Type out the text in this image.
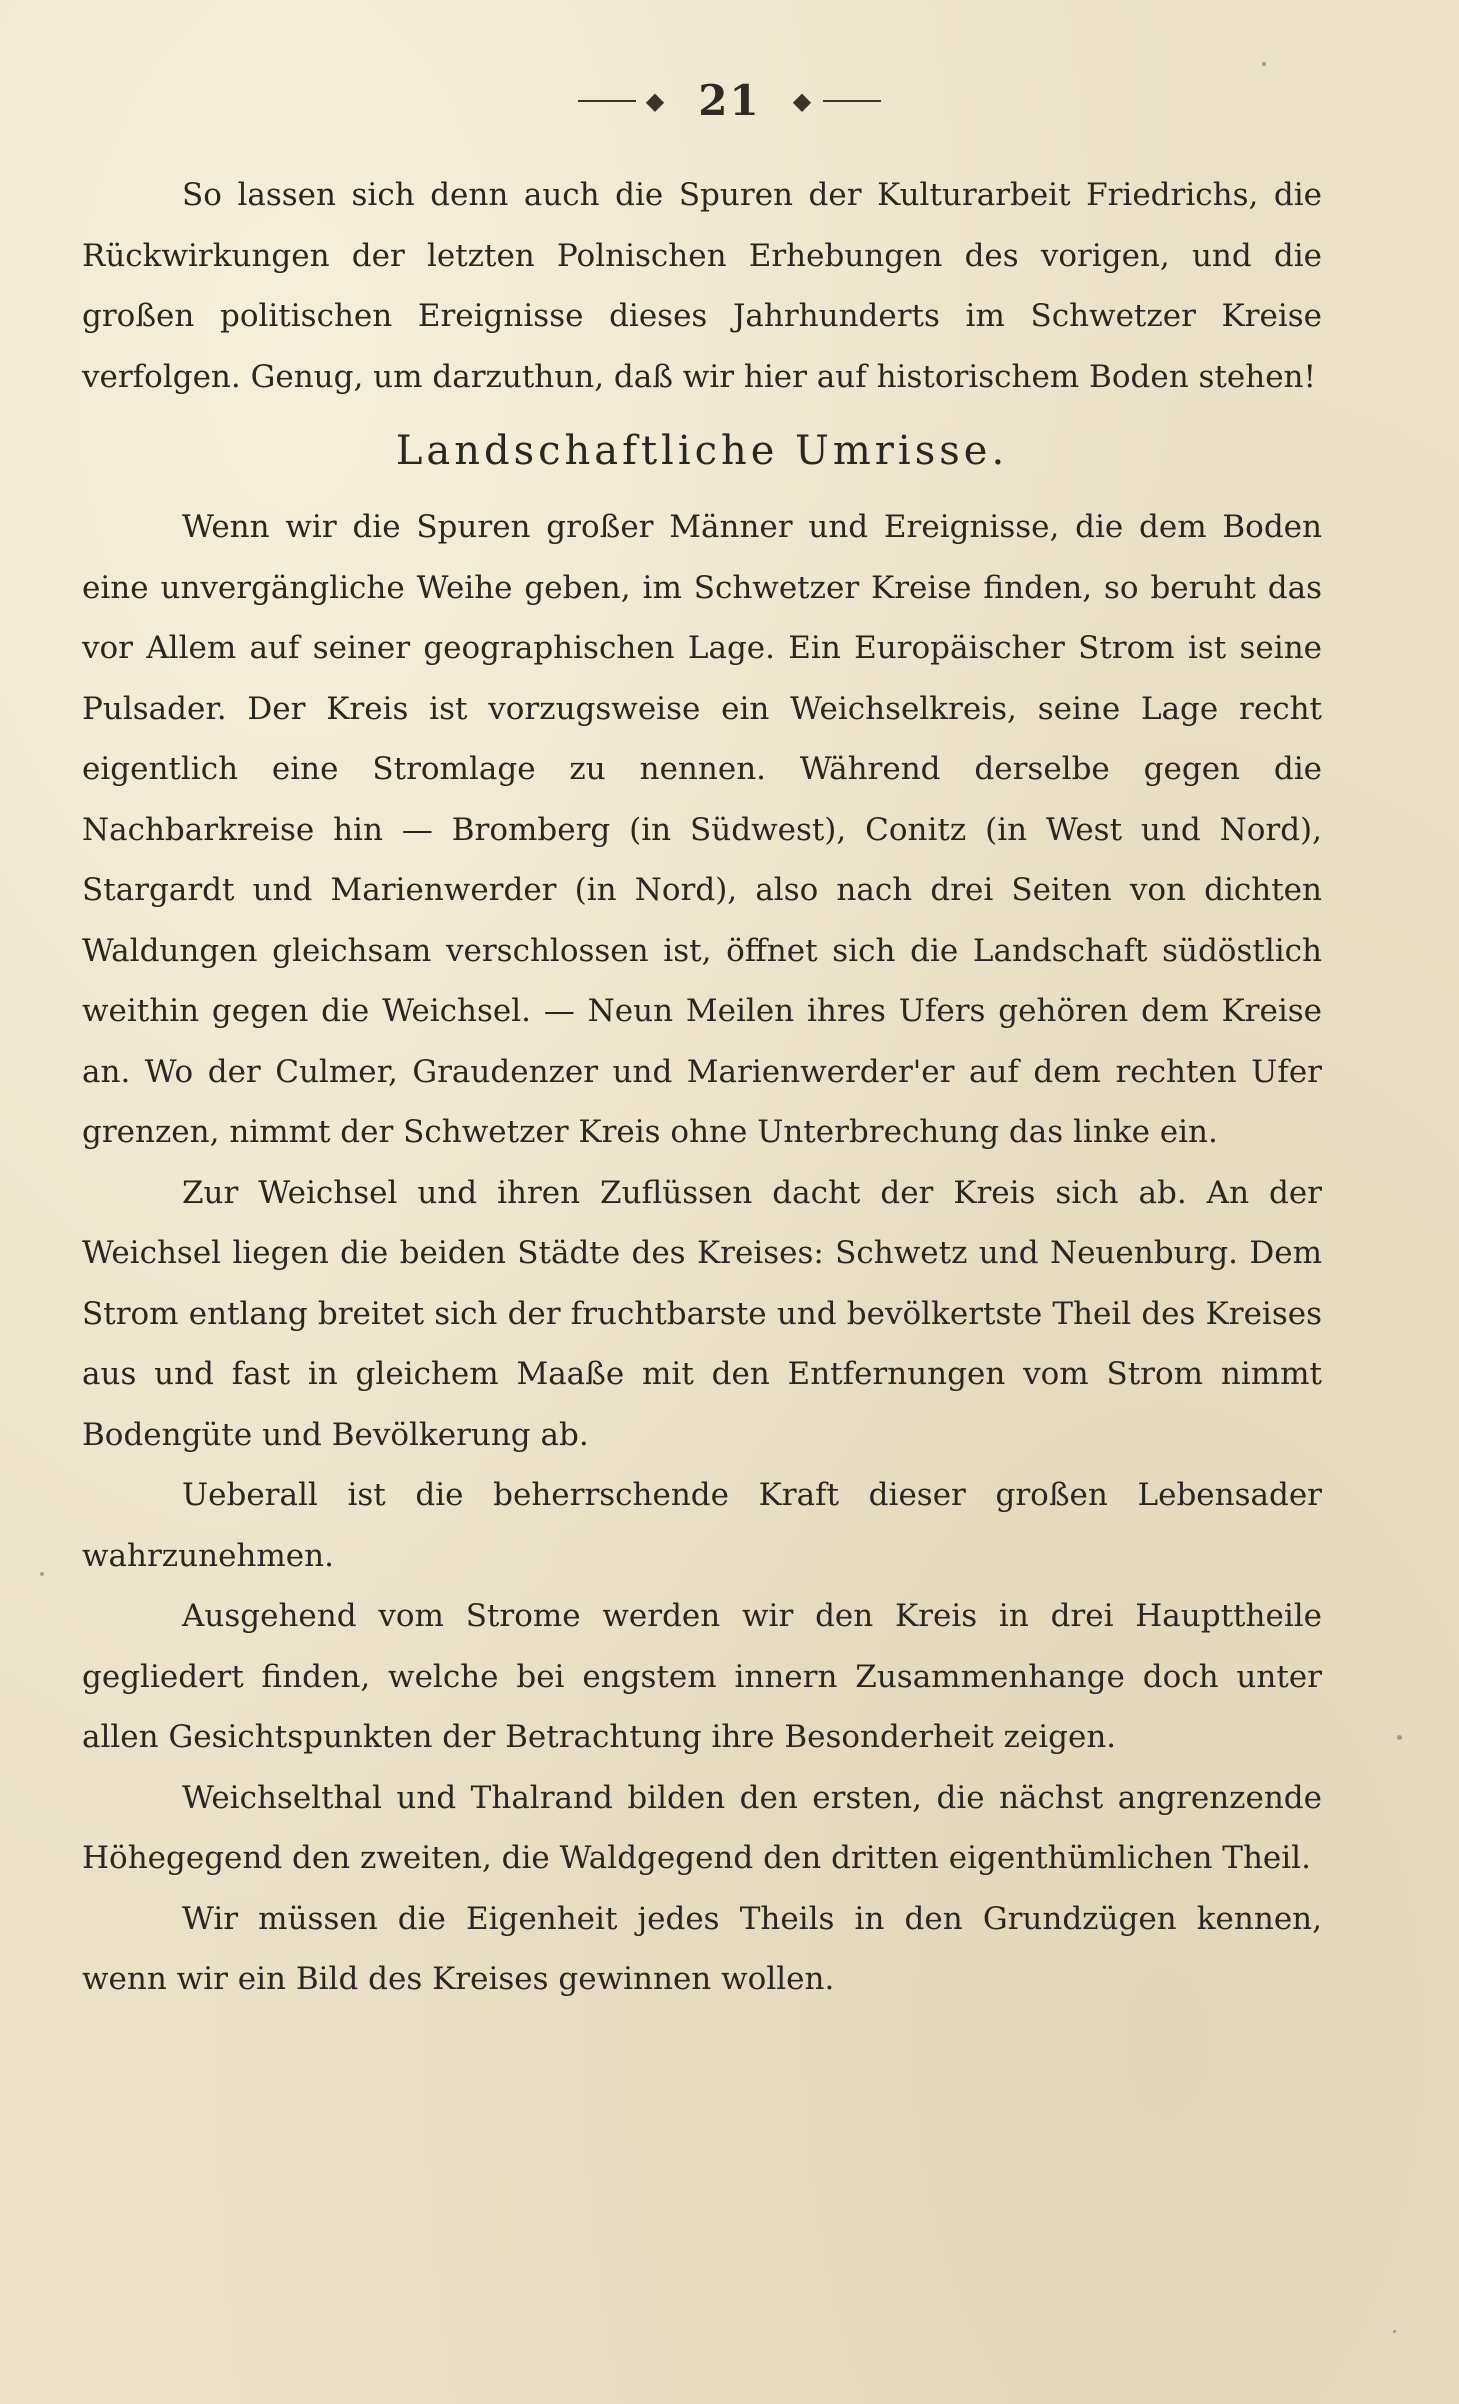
◆ 21 ◆

So lassen sich denn auch die Spuren der Kulturarbeit Friedrichs, die Rückwirkungen der letzten Polnischen Erhebungen des vorigen, und die großen politischen Ereignisse dieses Jahrhunderts im Schwetzer Kreise verfolgen. Genug, um darzuthun, daß wir hier auf historischem Boden stehen!

Landschaftliche Umrisse.

Wenn wir die Spuren großer Männer und Ereignisse, die dem Boden eine unvergängliche Weihe geben, im Schwetzer Kreise finden, so beruht das vor Allem auf seiner geographischen Lage. Ein Europäischer Strom ist seine Pulsader. Der Kreis ist vorzugsweise ein Weichselkreis, seine Lage recht eigentlich eine Stromlage zu nennen. Während derselbe gegen die Nachbarkreise hin — Bromberg (in Südwest), Conitz (in West und Nord), Stargardt und Marienwerder (in Nord), also nach drei Seiten von dichten Waldungen gleichsam verschlossen ist, öffnet sich die Landschaft südöstlich weithin gegen die Weichsel. — Neun Meilen ihres Ufers gehören dem Kreise an. Wo der Culmer, Graudenzer und Marienwerder'er auf dem rechten Ufer grenzen, nimmt der Schwetzer Kreis ohne Unterbrechung das linke ein.

Zur Weichsel und ihren Zuflüssen dacht der Kreis sich ab. An der Weichsel liegen die beiden Städte des Kreises: Schwetz und Neuenburg. Dem Strom entlang breitet sich der fruchtbarste und bevölkertste Theil des Kreises aus und fast in gleichem Maaße mit den Entfernungen vom Strom nimmt Bodengüte und Bevölkerung ab.

Ueberall ist die beherrschende Kraft dieser großen Lebensader wahrzunehmen.

Ausgehend vom Strome werden wir den Kreis in drei Haupttheile gegliedert finden, welche bei engstem innern Zusammenhange doch unter allen Gesichtspunkten der Betrachtung ihre Besonderheit zeigen.

Weichselthal und Thalrand bilden den ersten, die nächst angrenzende Höhegegend den zweiten, die Waldgegend den dritten eigenthümlichen Theil.

Wir müssen die Eigenheit jedes Theils in den Grundzügen kennen, wenn wir ein Bild des Kreises gewinnen wollen.
